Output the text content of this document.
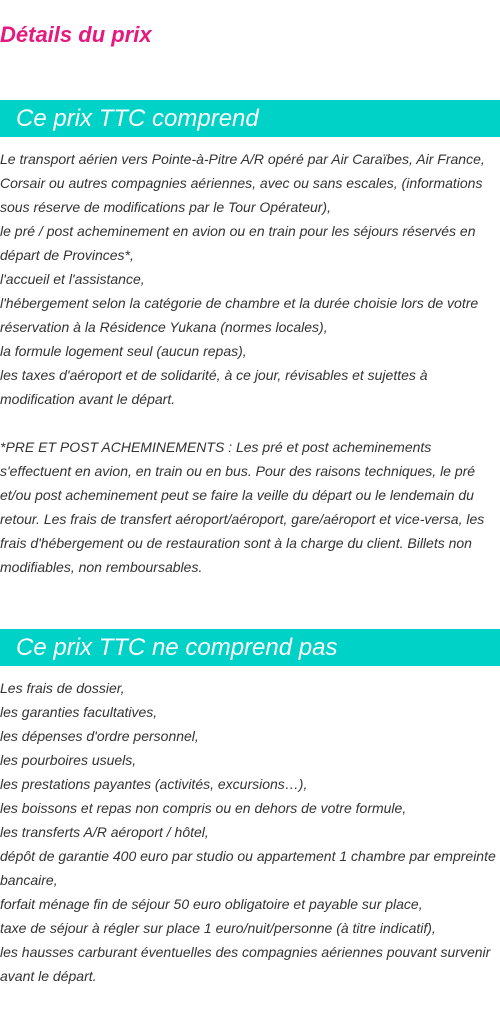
Détails du prix
Ce prix TTC comprend
Le transport aérien vers Pointe-à-Pitre A/R opéré par Air Caraïbes, Air France, Corsair ou autres compagnies aériennes, avec ou sans escales, (informations sous réserve de modifications par le Tour Opérateur),
le pré / post acheminement en avion ou en train pour les séjours réservés en départ de Provinces*,
l'accueil et l'assistance,
l'hébergement selon la catégorie de chambre et la durée choisie lors de votre réservation à la Résidence Yukana (normes locales),
la formule logement seul (aucun repas),
les taxes d'aéroport et de solidarité, à ce jour, révisables et sujettes à modification avant le départ.
*PRE ET POST ACHEMINEMENTS : Les pré et post acheminements s'effectuent en avion, en train ou en bus. Pour des raisons techniques, le pré et/ou post acheminement peut se faire la veille du départ ou le lendemain du retour. Les frais de transfert aéroport/aéroport, gare/aéroport et vice-versa, les frais d'hébergement ou de restauration sont à la charge du client. Billets non modifiables, non remboursables.
Ce prix TTC ne comprend pas
Les frais de dossier,
les garanties facultatives,
les dépenses d'ordre personnel,
les pourboires usuels,
les prestations payantes (activités, excursions…),
les boissons et repas non compris ou en dehors de votre formule,
les transferts A/R aéroport / hôtel,
dépôt de garantie 400 euro par studio ou appartement 1 chambre par empreinte bancaire,
forfait ménage fin de séjour 50 euro obligatoire et payable sur place,
taxe de séjour à régler sur place 1 euro/nuit/personne (à titre indicatif),
les hausses carburant éventuelles des compagnies aériennes pouvant survenir avant le départ.
